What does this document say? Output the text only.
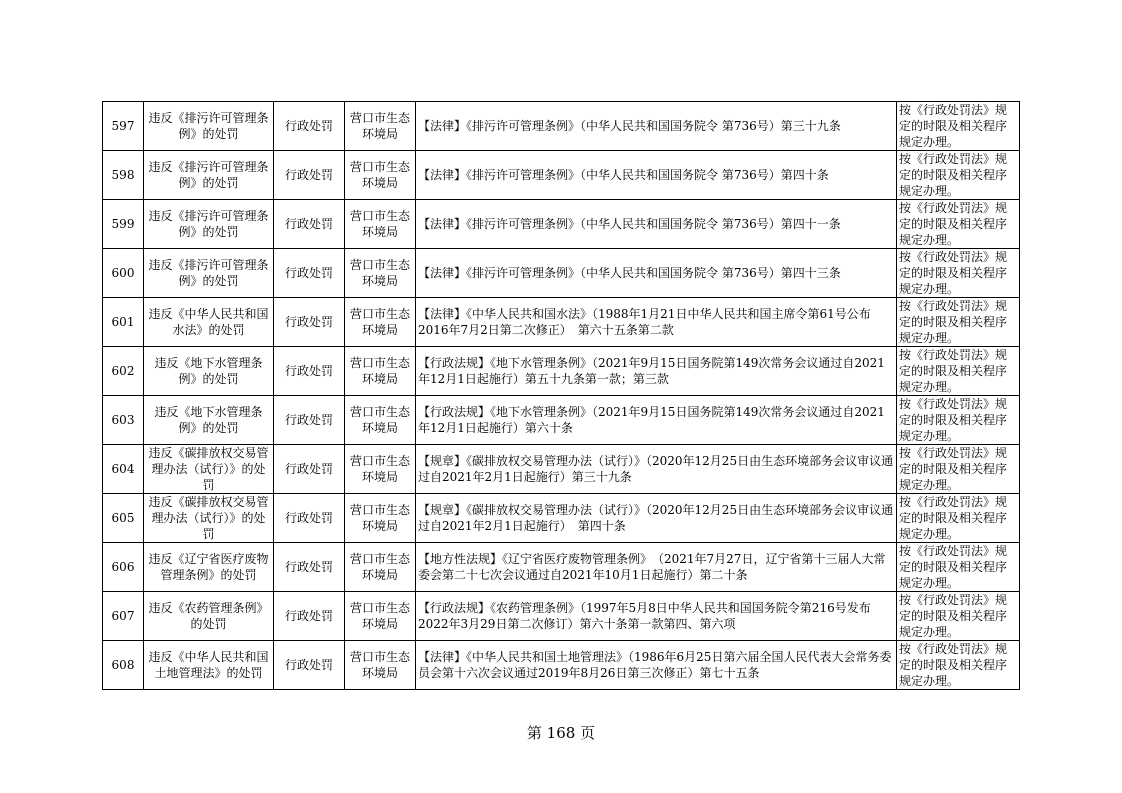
597	违反《排污许可管理条例》的处罚	行政处罚	营口市生态环境局	【法律】《排污许可管理条例》（中华人民共和国国务院令 第736号）第三十九条	按《行政处罚法》规定的时限及相关程序规定办理。
598	违反《排污许可管理条例》的处罚	行政处罚	营口市生态环境局	【法律】《排污许可管理条例》（中华人民共和国国务院令 第736号）第四十条	按《行政处罚法》规定的时限及相关程序规定办理。
599	违反《排污许可管理条例》的处罚	行政处罚	营口市生态环境局	【法律】《排污许可管理条例》（中华人民共和国国务院令 第736号）第四十一条	按《行政处罚法》规定的时限及相关程序规定办理。
600	违反《排污许可管理条例》的处罚	行政处罚	营口市生态环境局	【法律】《排污许可管理条例》（中华人民共和国国务院令 第736号）第四十三条	按《行政处罚法》规定的时限及相关程序规定办理。
601	违反《中华人民共和国水法》的处罚	行政处罚	营口市生态环境局	【法律】《中华人民共和国水法》（1988年1月21日中华人民共和国主席令第61号公布2016年7月2日第二次修正）　第六十五条第二款	按《行政处罚法》规定的时限及相关程序规定办理。
602	违反《地下水管理条例》的处罚	行政处罚	营口市生态环境局	【行政法规】《地下水管理条例》（2021年9月15日国务院第149次常务会议通过自2021年12月1日起施行）第五十九条第一款；第三款	按《行政处罚法》规定的时限及相关程序规定办理。
603	违反《地下水管理条例》的处罚	行政处罚	营口市生态环境局	【行政法规】《地下水管理条例》（2021年9月15日国务院第149次常务会议通过自2021年12月1日起施行）第六十条	按《行政处罚法》规定的时限及相关程序规定办理。
604	违反《碳排放权交易管理办法（试行）》的处罚	行政处罚	营口市生态环境局	【规章】《碳排放权交易管理办法（试行）》（2020年12月25日由生态环境部务会议审议通过自2021年2月1日起施行）第三十九条	按《行政处罚法》规定的时限及相关程序规定办理。
605	违反《碳排放权交易管理办法（试行）》的处罚	行政处罚	营口市生态环境局	【规章】《碳排放权交易管理办法（试行）》（2020年12月25日由生态环境部务会议审议通过自2021年2月1日起施行）　第四十条	按《行政处罚法》规定的时限及相关程序规定办理。
606	违反《辽宁省医疗废物管理条例》的处罚	行政处罚	营口市生态环境局	【地方性法规】《辽宁省医疗废物管理条例》　（2021年7月27日，辽宁省第十三届人大常委会第二十七次会议通过自2021年10月1日起施行）第二十条	按《行政处罚法》规定的时限及相关程序规定办理。
607	违反《农药管理条例》的处罚	行政处罚	营口市生态环境局	【行政法规】《农药管理条例》（1997年5月8日中华人民共和国国务院令第216号发布2022年3月29日第二次修订）第六十条第一款第四、第六项	按《行政处罚法》规定的时限及相关程序规定办理。
608	违反《中华人民共和国土地管理法》的处罚	行政处罚	营口市生态环境局	【法律】《中华人民共和国土地管理法》（1986年6月25日第六届全国人民代表大会常务委员会第十六次会议通过2019年8月26日第三次修正）第七十五条	按《行政处罚法》规定的时限及相关程序规定办理。
第 168 页
